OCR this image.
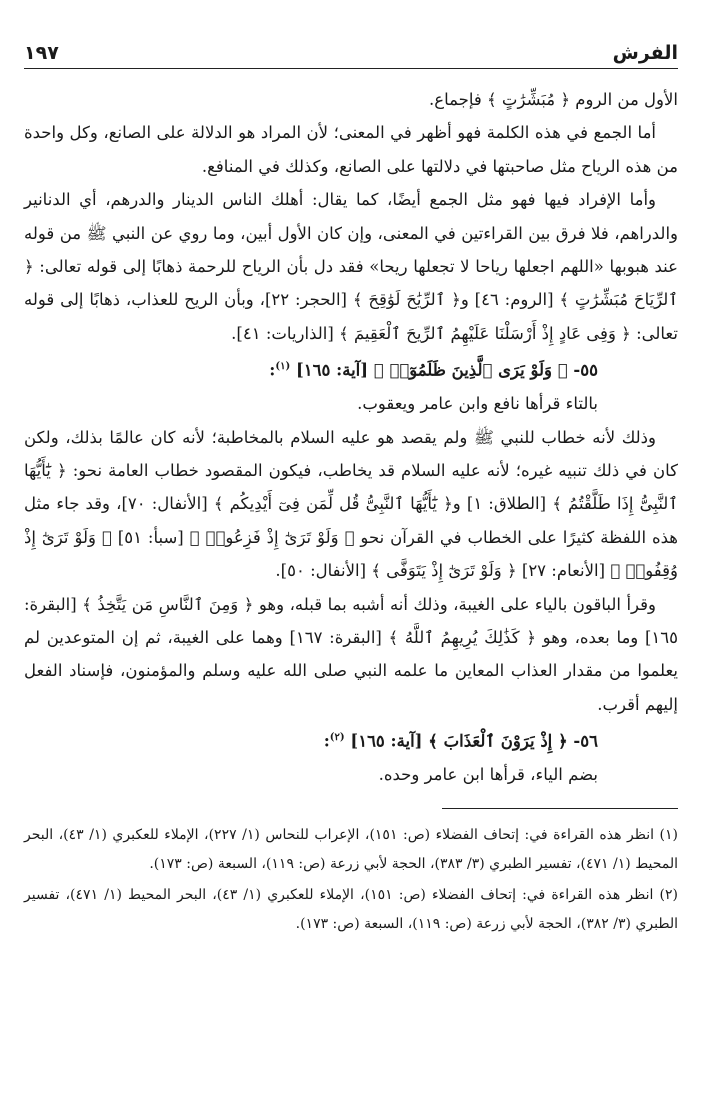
الفرش
١٩٧

الأول من الروم ﴿ مُبَشِّرَٰتٍ ﴾ فإجماع.

أما الجمع في هذه الكلمة فهو أظهر في المعنى؛ لأن المراد هو الدلالة على الصانع، وكل واحدة من هذه الرياح مثل صاحبتها في دلالتها على الصانع، وكذلك في المنافع.

وأما الإفراد فيها فهو مثل الجمع أيضًا، كما يقال: أهلك الناس الدينار والدرهم، أي الدنانير والدراهم، فلا فرق بين القراءتين في المعنى، وإن كان الأول أبين، وما روي عن النبي ﷺ من قوله عند هبوبها «اللهم اجعلها رياحا لا تجعلها ريحا» فقد دل بأن الرياح للرحمة ذهابًا إلى قوله تعالى: ﴿ ٱلرِّيَاحَ مُبَشِّرَٰتٍ ﴾ [الروم: ٤٦] و﴿ ٱلرِّيَٰحَ لَوَٰقِحَ ﴾ [الحجر: ٢٢]، وبأن الريح للعذاب، ذهابًا إلى قوله تعالى: ﴿ وَفِى عَادٍ إِذْ أَرْسَلْنَا عَلَيْهِمُ ٱلرِّيحَ ٱلْعَقِيمَ ﴾ [الذاريات: ٤١].

٥٥- ﴿ وَلَوْ يَرَى ٱلَّذِينَ ظَلَمُوٓا۟ ﴾ [آية: ١٦٥] $^{(١)}$:

بالتاء قرأها نافع وابن عامر ويعقوب.

وذلك لأنه خطاب للنبي ﷺ ولم يقصد هو عليه السلام بالمخاطبة؛ لأنه كان عالمًا بذلك، ولكن كان في ذلك تنبيه غيره؛ لأنه عليه السلام قد يخاطب، فيكون المقصود خطاب العامة نحو: ﴿ يَٰٓأَيُّهَا ٱلنَّبِىُّ إِذَا طَلَّقْتُمُ ﴾ [الطلاق: ١] و﴿ يَٰٓأَيُّهَا ٱلنَّبِىُّ قُل لِّمَن فِىٓ أَيْدِيكُم ﴾ [الأنفال: ٧٠]، وقد جاء مثل هذه اللفظة كثيرًا على الخطاب في القرآن نحو ﴿ وَلَوْ تَرَىٰٓ إِذْ فَزِعُوا۟ ﴾ [سبأ: ٥١] ﴿ وَلَوْ تَرَىٰٓ إِذْ وُقِفُوا۟ ﴾ [الأنعام: ٢٧] ﴿ وَلَوْ تَرَىٰٓ إِذْ يَتَوَفَّى ﴾ [الأنفال: ٥٠].

وقرأ الباقون بالياء على الغيبة، وذلك أنه أشبه بما قبله، وهو ﴿ وَمِنَ ٱلنَّاسِ مَن يَتَّخِذُ ﴾ [البقرة: ١٦٥] وما بعده، وهو ﴿ كَذَٰلِكَ يُرِيهِمُ ٱللَّهُ ﴾ [البقرة: ١٦٧] وهما على الغيبة، ثم إن المتوعدين لم يعلموا من مقدار العذاب المعاين ما علمه النبي صلى الله عليه وسلم والمؤمنون، فإسناد الفعل إليهم أقرب.

٥٦- ﴿ إِذْ يَرَوْنَ ٱلْعَذَابَ ﴾ [آية: ١٦٥] $^{(٢)}$:

بضم الياء، قرأها ابن عامر وحده.

(١) انظر هذه القراءة في: إتحاف الفضلاء (ص: ١٥١)، الإعراب للنحاس (١/ ٢٢٧)، الإملاء للعكبري (١/ ٤٣)، البحر المحيط (١/ ٤٧١)، تفسير الطبري (٣/ ٣٨٣)، الحجة لأبي زرعة (ص: ١١٩)، السبعة (ص: ١٧٣).

(٢) انظر هذه القراءة في: إتحاف الفضلاء (ص: ١٥١)، الإملاء للعكبري (١/ ٤٣)، البحر المحيط (١/ ٤٧١)، تفسير الطبري (٣/ ٣٨٢)، الحجة لأبي زرعة (ص: ١١٩)، السبعة (ص: ١٧٣).
